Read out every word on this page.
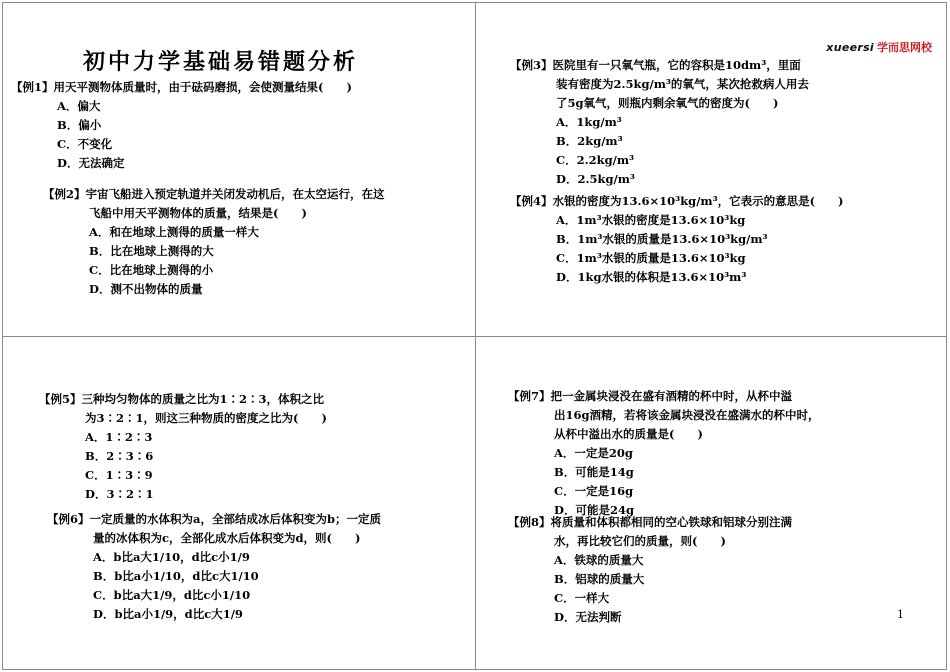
初中力学基础易错题分析
【例1】用天平测物体质量时，由于砝码磨损，会使测量结果(　　)
A．偏大
B．偏小
C．不变化
D．无法确定
【例2】宇宙飞船进入预定轨道并关闭发动机后，在太空运行，在这
飞船中用天平测物体的质量，结果是(　　)
A．和在地球上测得的质量一样大
B．比在地球上测得的大
C．比在地球上测得的小
D．测不出物体的质量
xueersi 学而思网校
【例3】医院里有一只氧气瓶，它的容积是10dm³，里面
装有密度为2.5kg/m³的氧气，某次抢救病人用去
了5g氧气，则瓶内剩余氧气的密度为(　　)
A．1kg/m³
B．2kg/m³
C．2.2kg/m³
D．2.5kg/m³
【例4】水银的密度为13.6×10³kg/m³，它表示的意思是(　　)
A．1m³水银的密度是13.6×10³kg
B．1m³水银的质量是13.6×10³kg/m³
C．1m³水银的质量是13.6×10³kg
D．1kg水银的体积是13.6×10³m³
【例5】三种均匀物体的质量之比为1∶2∶3，体积之比
为3∶2∶1，则这三种物质的密度之比为(　　)
A．1∶2∶3
B．2∶3∶6
C．1∶3∶9
D．3∶2∶1
【例6】一定质量的水体积为a，全部结成冰后体积变为b；一定质
量的冰体积为c，全部化成水后体积变为d，则(　　)
A．b比a大1/10，d比c小1/9
B．b比a小1/10，d比c大1/10
C．b比a大1/9，d比c小1/10
D．b比a小1/9，d比c大1/9
【例7】把一金属块浸没在盛有酒精的杯中时，从杯中溢
出16g酒精，若将该金属块浸没在盛满水的杯中时，
从杯中溢出水的质量是(　　)
A．一定是20g
B．可能是14g
C．一定是16g
D．可能是24g
【例8】将质量和体积都相同的空心铁球和铝球分别注满
水，再比较它们的质量，则(　　)
A．铁球的质量大
B．铝球的质量大
C．一样大
D．无法判断	1
